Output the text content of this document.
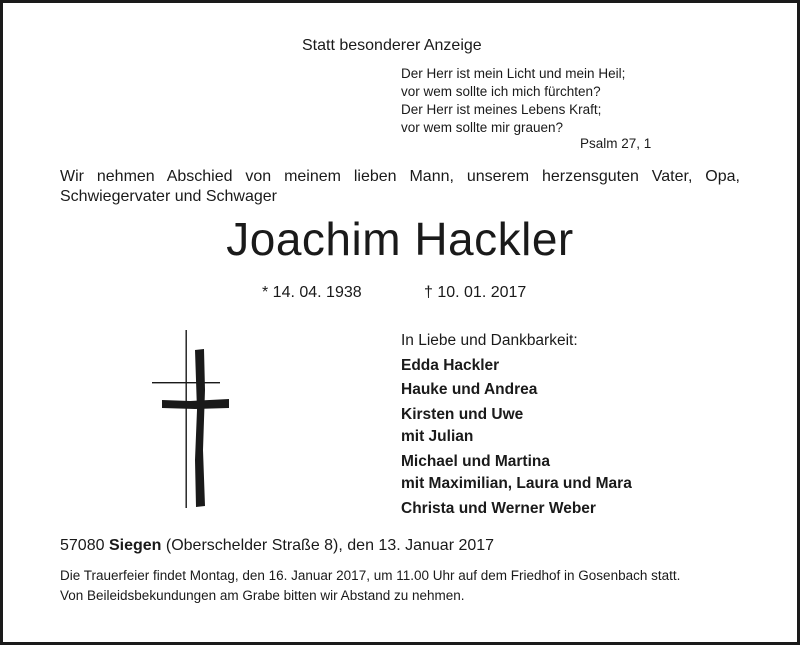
Statt besonderer Anzeige
Der Herr ist mein Licht und mein Heil;
vor wem sollte ich mich fürchten?
Der Herr ist meines Lebens Kraft;
vor wem sollte mir grauen?
Psalm 27, 1
Wir nehmen Abschied von meinem lieben Mann, unserem herzensguten Vater, Opa,
Schwiegervater und Schwager
Joachim Hackler
* 14. 04. 1938	† 10. 01. 2017
In Liebe und Dankbarkeit:
Edda Hackler
Hauke und Andrea
Kirsten und Uwe
mit Julian
Michael und Martina
mit Maximilian, Laura und Mara
Christa und Werner Weber
57080 Siegen (Oberschelder Straße 8), den 13. Januar 2017
Die Trauerfeier findet Montag, den 16. Januar 2017, um 11.00 Uhr auf dem Friedhof in Gosenbach statt.
Von Beileidsbekundungen am Grabe bitten wir Abstand zu nehmen.
